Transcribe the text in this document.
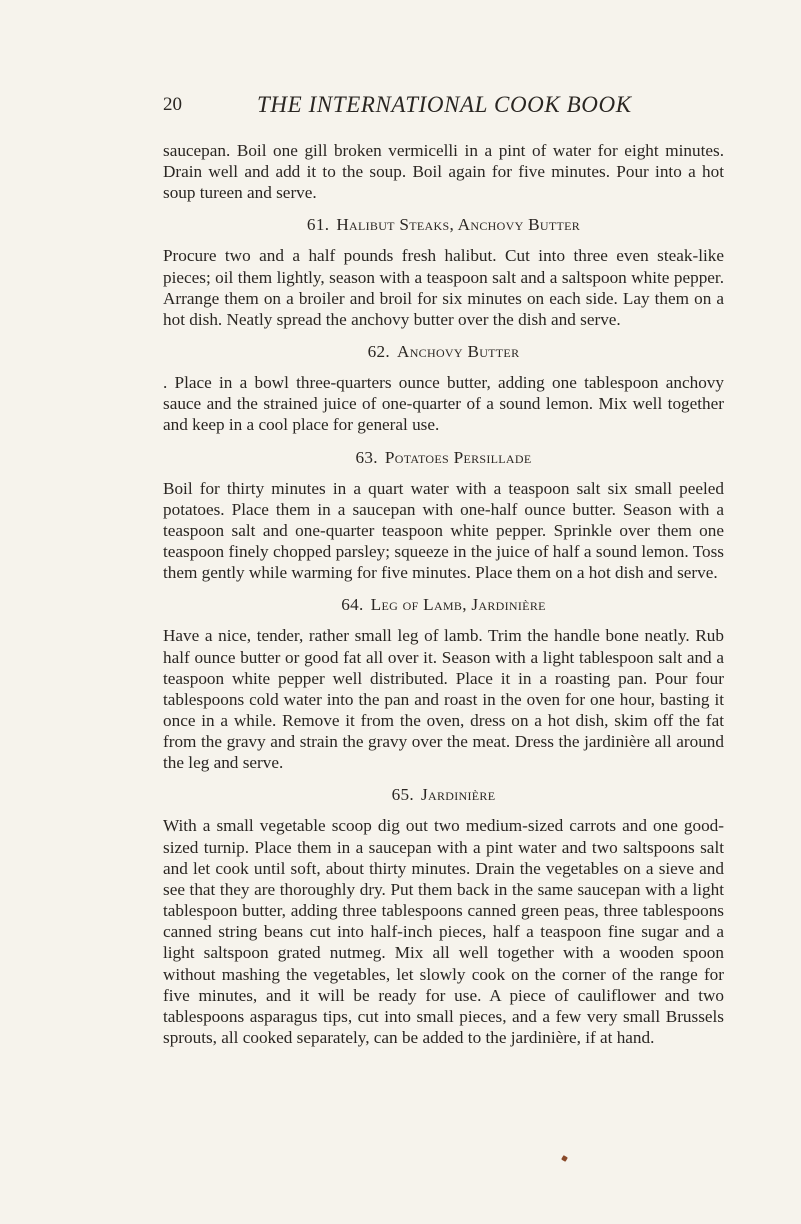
20	THE INTERNATIONAL COOK BOOK

saucepan. Boil one gill broken vermicelli in a pint of water for eight minutes. Drain well and add it to the soup. Boil again for five minutes. Pour into a hot soup tureen and serve.

61. Halibut Steaks, Anchovy Butter

Procure two and a half pounds fresh halibut. Cut into three even steak-like pieces; oil them lightly, season with a teaspoon salt and a saltspoon white pepper. Arrange them on a broiler and broil for six minutes on each side. Lay them on a hot dish. Neatly spread the anchovy butter over the dish and serve.

62. Anchovy Butter

. Place in a bowl three-quarters ounce butter, adding one tablespoon anchovy sauce and the strained juice of one-quarter of a sound lemon. Mix well together and keep in a cool place for general use.

63. Potatoes Persillade

Boil for thirty minutes in a quart water with a teaspoon salt six small peeled potatoes. Place them in a saucepan with one-half ounce butter. Season with a teaspoon salt and one-quarter teaspoon white pepper. Sprinkle over them one teaspoon finely chopped parsley; squeeze in the juice of half a sound lemon. Toss them gently while warming for five minutes. Place them on a hot dish and serve.

64. Leg of Lamb, Jardinière

Have a nice, tender, rather small leg of lamb. Trim the handle bone neatly. Rub half ounce butter or good fat all over it. Season with a light tablespoon salt and a teaspoon white pepper well distributed. Place it in a roasting pan. Pour four tablespoons cold water into the pan and roast in the oven for one hour, basting it once in a while. Remove it from the oven, dress on a hot dish, skim off the fat from the gravy and strain the gravy over the meat. Dress the jardinière all around the leg and serve.

65. Jardinière

With a small vegetable scoop dig out two medium-sized carrots and one good-sized turnip. Place them in a saucepan with a pint water and two saltspoons salt and let cook until soft, about thirty minutes. Drain the vegetables on a sieve and see that they are thoroughly dry. Put them back in the same saucepan with a light tablespoon butter, adding three tablespoons canned green peas, three tablespoons canned string beans cut into half-inch pieces, half a teaspoon fine sugar and a light saltspoon grated nutmeg. Mix all well together with a wooden spoon without mashing the vegetables, let slowly cook on the corner of the range for five minutes, and it will be ready for use. A piece of cauliflower and two tablespoons asparagus tips, cut into small pieces, and a few very small Brussels sprouts, all cooked separately, can be added to the jardinière, if at hand.
